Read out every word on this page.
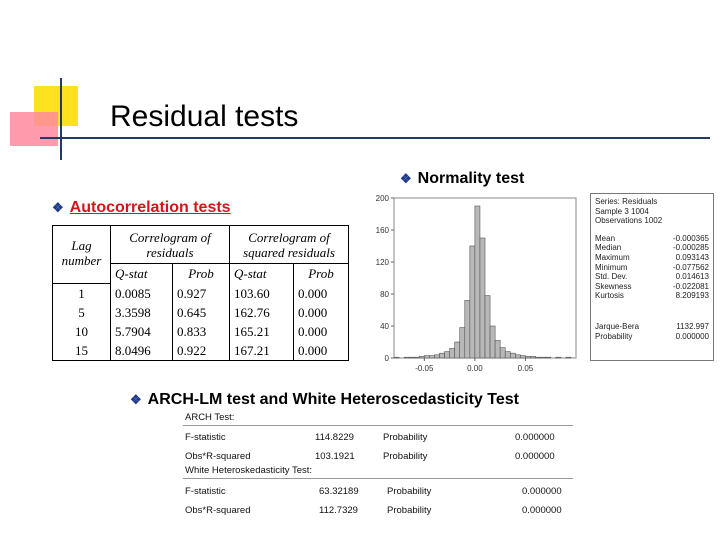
Residual tests
❖ Normality test
❖ Autocorrelation tests
Lag number	Correlogram of residuals		Correlogram of squared residuals	
	Q-stat	Prob	Q-stat	Prob
1	0.0085	0.927	103.60	0.000
5	3.3598	0.645	162.76	0.000
10	5.7904	0.833	165.21	0.000
15	8.0496	0.922	167.21	0.000
0
40
80
120
160
200
-0.05	0.00	0.05
Series: Residuals
Sample 3 1004
Observations 1002
Mean	-0.000365
Median	-0.000285
Maximum	0.093143
Minimum	-0.077562
Std. Dev.	0.014613
Skewness	-0.022081
Kurtosis	8.209193
Jarque-Bera	1132.997
Probability	0.000000
❖ ARCH-LM test and White Heteroscedasticity Test
ARCH Test:
F-statistic	114.8229	Probability	0.000000
Obs*R-squared	103.1921	Probability	0.000000
White Heteroskedasticity Test:
F-statistic	63.32189	Probability	0.000000
Obs*R-squared	112.7329	Probability	0.000000
